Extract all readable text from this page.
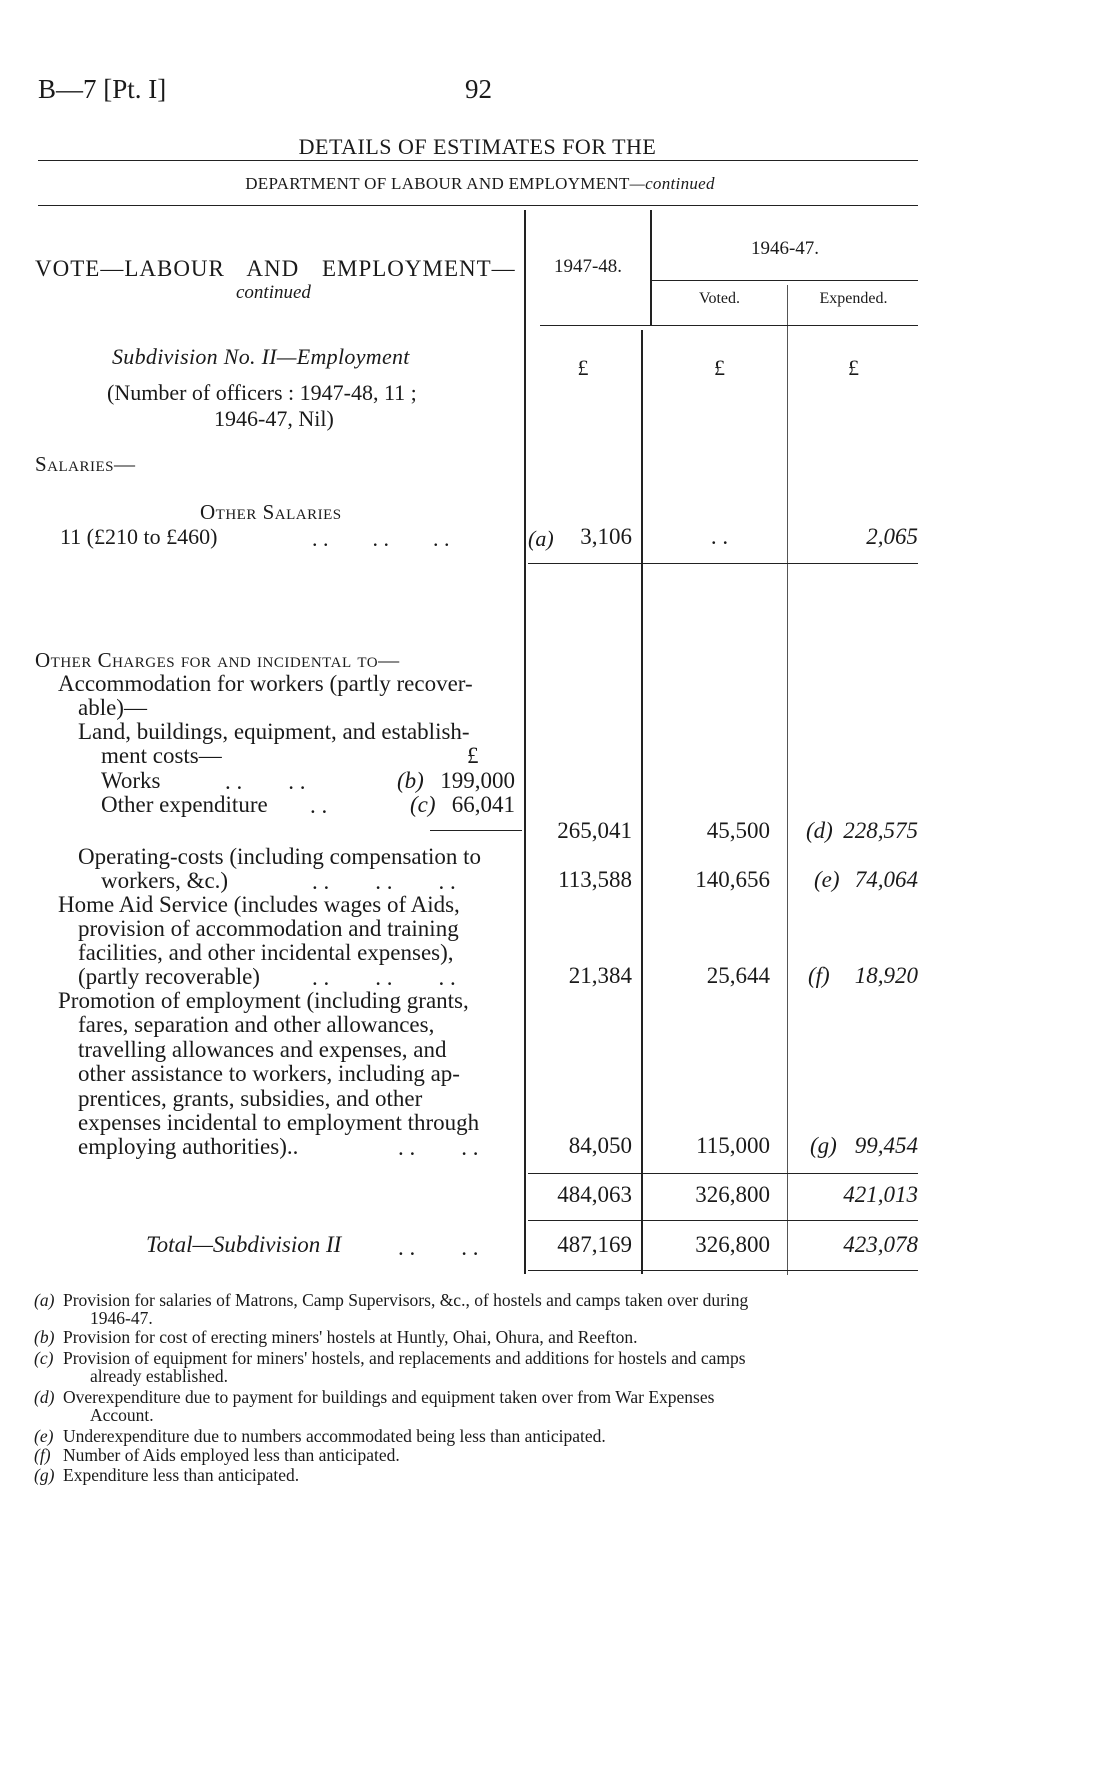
B—7 [Pt. I]	92
DETAILS OF ESTIMATES FOR THE
DEPARTMENT OF LABOUR AND EMPLOYMENT—continued
VOTE—LABOUR AND EMPLOYMENT—
continued
1947-48.
1946-47.
Voted.	Expended.
£	£	£
Subdivision No. II—Employment
(Number of officers : 1947-48, 11 ;
1946-47, Nil)
Salaries—
Other Salaries
11 (£210 to £460)	. .        . .        . .	(a)	3,106	. .	2,065
Other Charges for and incidental to—
Accommodation for workers (partly recover-
able)—
Land, buildings, equipment, and establish-
ment costs—	£
Works	. .        . .	(b) 199,000
Other expenditure . .	(c) 66,041
265,041	45,500 (d) 228,575
Operating-costs (including compensation to
workers, &c.)	. .        . .        . .	113,588	140,656 (e) 74,064
Home Aid Service (includes wages of Aids,
provision of accommodation and training
facilities, and other incidental expenses),
(partly recoverable) . .        . .        . .	21,384	25,644 (f)	18,920
Promotion of employment (including grants,
fares, separation and other allowances,
travelling allowances and expenses, and
other assistance to workers, including ap-
prentices, grants, subsidies, and other
expenses incidental to employment through
employing authorities)..	. .        . .	84,050	115,000 (g) 99,454
484,063	326,800	421,013
Total—Subdivision II . .        . .	487,169	326,800	423,078
(a) Provision for salaries of Matrons, Camp Supervisors, &c., of hostels and camps taken over during
1946-47.
(b) Provision for cost of erecting miners' hostels at Huntly, Ohai, Ohura, and Reefton.
(c) Provision of equipment for miners' hostels, and replacements and additions for hostels and camps
already established.
(d) Overexpenditure due to payment for buildings and equipment taken over from War Expenses
Account.
(e) Underexpenditure due to numbers accommodated being less than anticipated.
(f) Number of Aids employed less than anticipated.
(g) Expenditure less than anticipated.
